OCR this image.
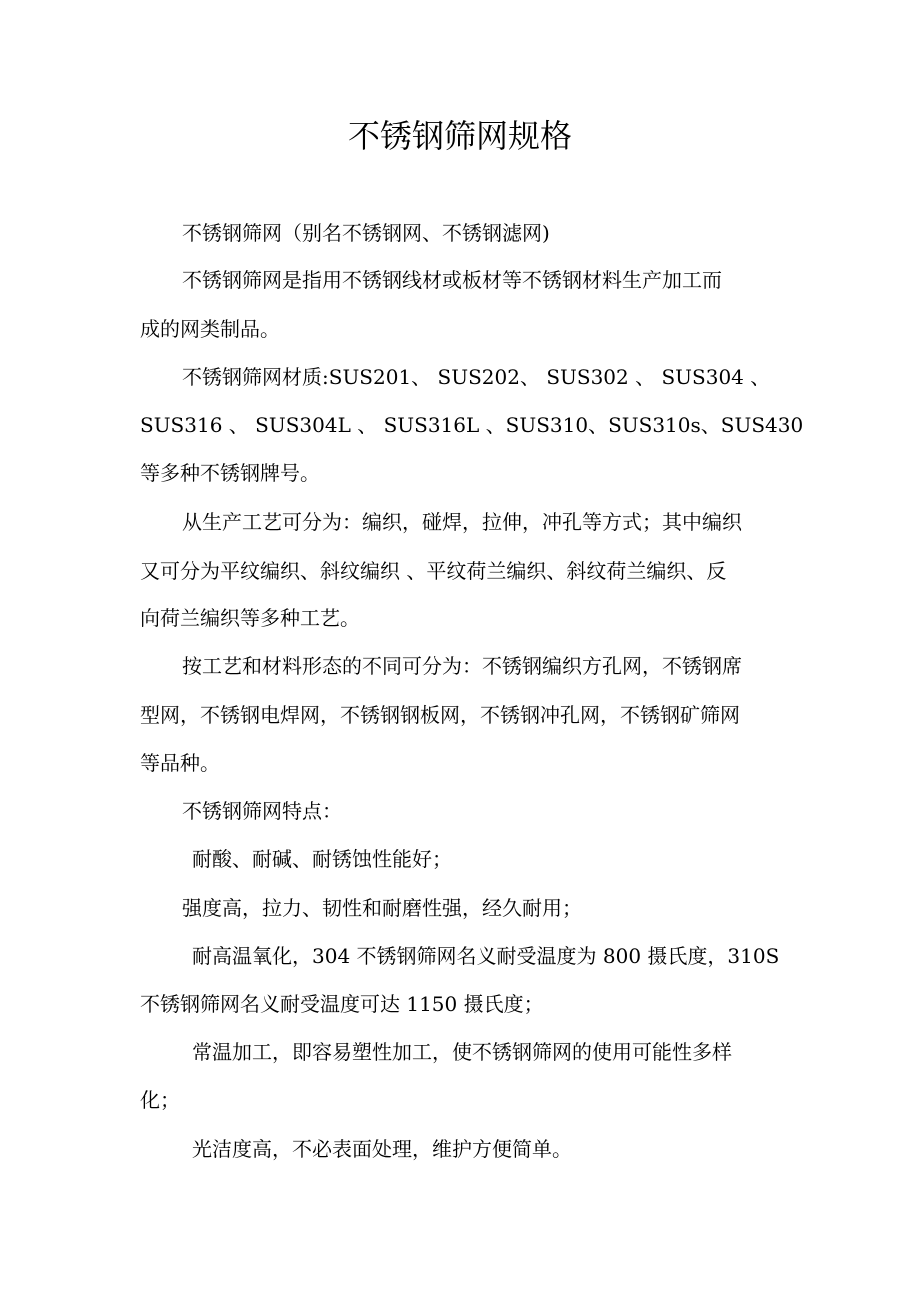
不锈钢筛网规格
不锈钢筛网（别名不锈钢网、不锈钢滤网)
不锈钢筛网是指用不锈钢线材或板材等不锈钢材料生产加工而
成的网类制品。
不锈钢筛网材质:SUS201、 SUS202、 SUS302 、 SUS304 、
SUS316 、 SUS304L 、 SUS316L 、SUS310、SUS310s、SUS430
等多种不锈钢牌号。
从生产工艺可分为：编织，碰焊，拉伸，冲孔等方式；其中编织
又可分为平纹编织、斜纹编织 、平纹荷兰编织、斜纹荷兰编织、反
向荷兰编织等多种工艺。
按工艺和材料形态的不同可分为：不锈钢编织方孔网，不锈钢席
型网，不锈钢电焊网，不锈钢钢板网，不锈钢冲孔网，不锈钢矿筛网
等品种。
不锈钢筛网特点：
耐酸、耐碱、耐锈蚀性能好；
强度高，拉力、韧性和耐磨性强，经久耐用；
耐高温氧化，304 不锈钢筛网名义耐受温度为 800 摄氏度，310S
不锈钢筛网名义耐受温度可达 1150 摄氏度；
常温加工，即容易塑性加工，使不锈钢筛网的使用可能性多样
化；
光洁度高，不必表面处理，维护方便简单。
